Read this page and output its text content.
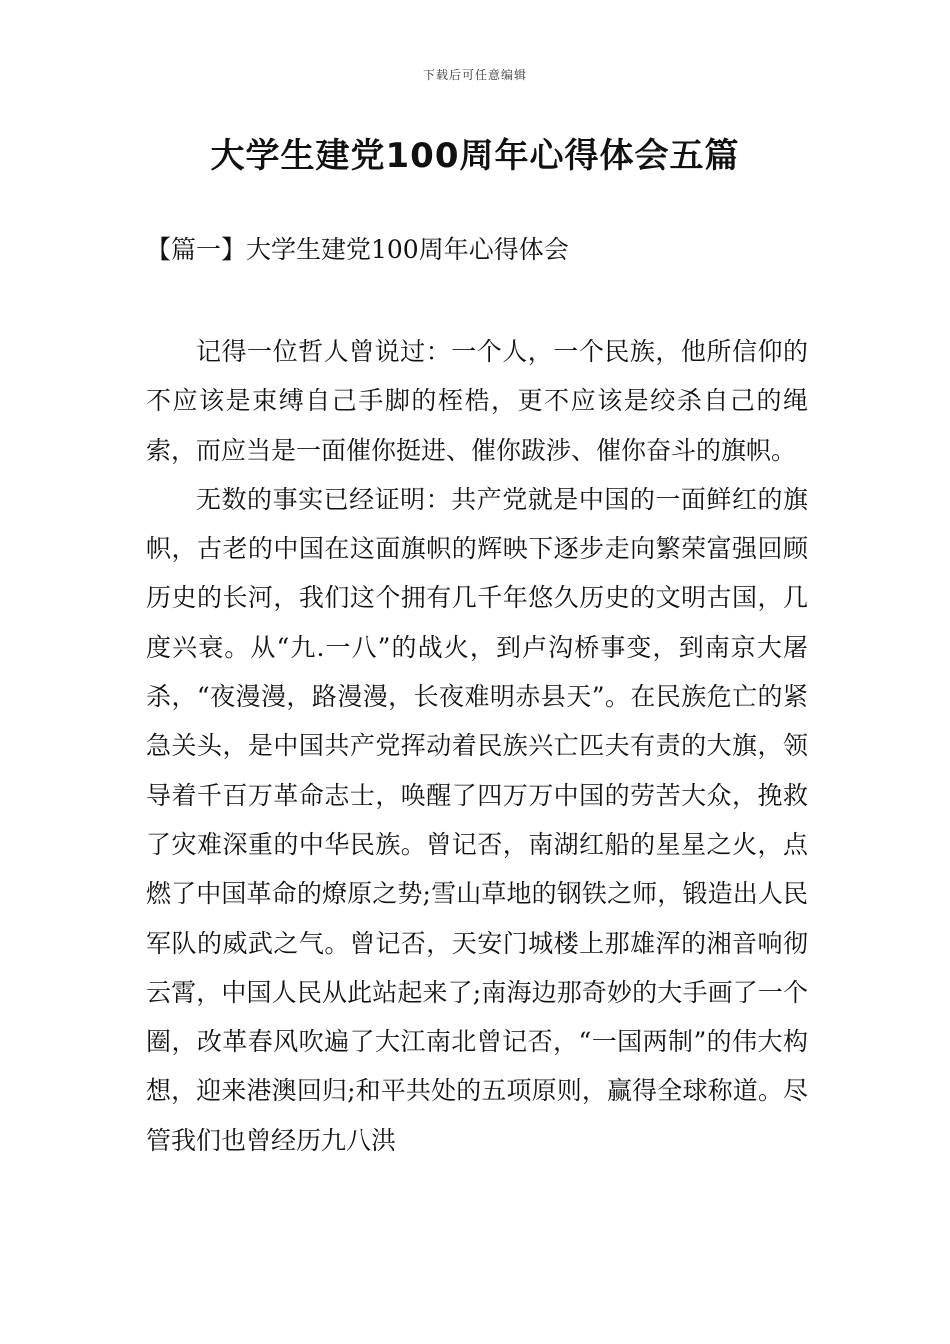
下载后可任意编辑
大学生建党100周年心得体会五篇
【篇一】大学生建党100周年心得体会

记得一位哲人曾说过：一个人，一个民族，他所信仰的不应该是束缚自己手脚的桎梏，更不应该是绞杀自己的绳索，而应当是一面催你挺进、催你跋涉、催你奋斗的旗帜。

无数的事实已经证明：共产党就是中国的一面鲜红的旗帜，古老的中国在这面旗帜的辉映下逐步走向繁荣富强回顾历史的长河，我们这个拥有几千年悠久历史的文明古国，几度兴衰。从“九.一八”的战火，到卢沟桥事变，到南京大屠 杀，“夜漫漫，路漫漫，长夜难明赤县天”。在民族危亡的紧急关头，是中国共产党挥动着民族兴亡匹夫有责的大旗，领导着千百万革命志士，唤醒了四万万中国的劳苦大众，挽救了灾难深重的中华民族。曾记否，南湖红船的星星之火，点燃了中国革命的燎原之势;雪山草地的钢铁之师，锻造出人民军队的威武之气。曾记否，天安门城楼上那雄浑的湘音响彻云霄，中国人民从此站起来了;南海边那奇妙的大手画了一个圈，改革春风吹遍了大江南北曾记否，“一国两制”的伟大构想，迎来港澳回归;和平共处的五项原则，赢得全球称道。尽管我们也曾经历九八洪
